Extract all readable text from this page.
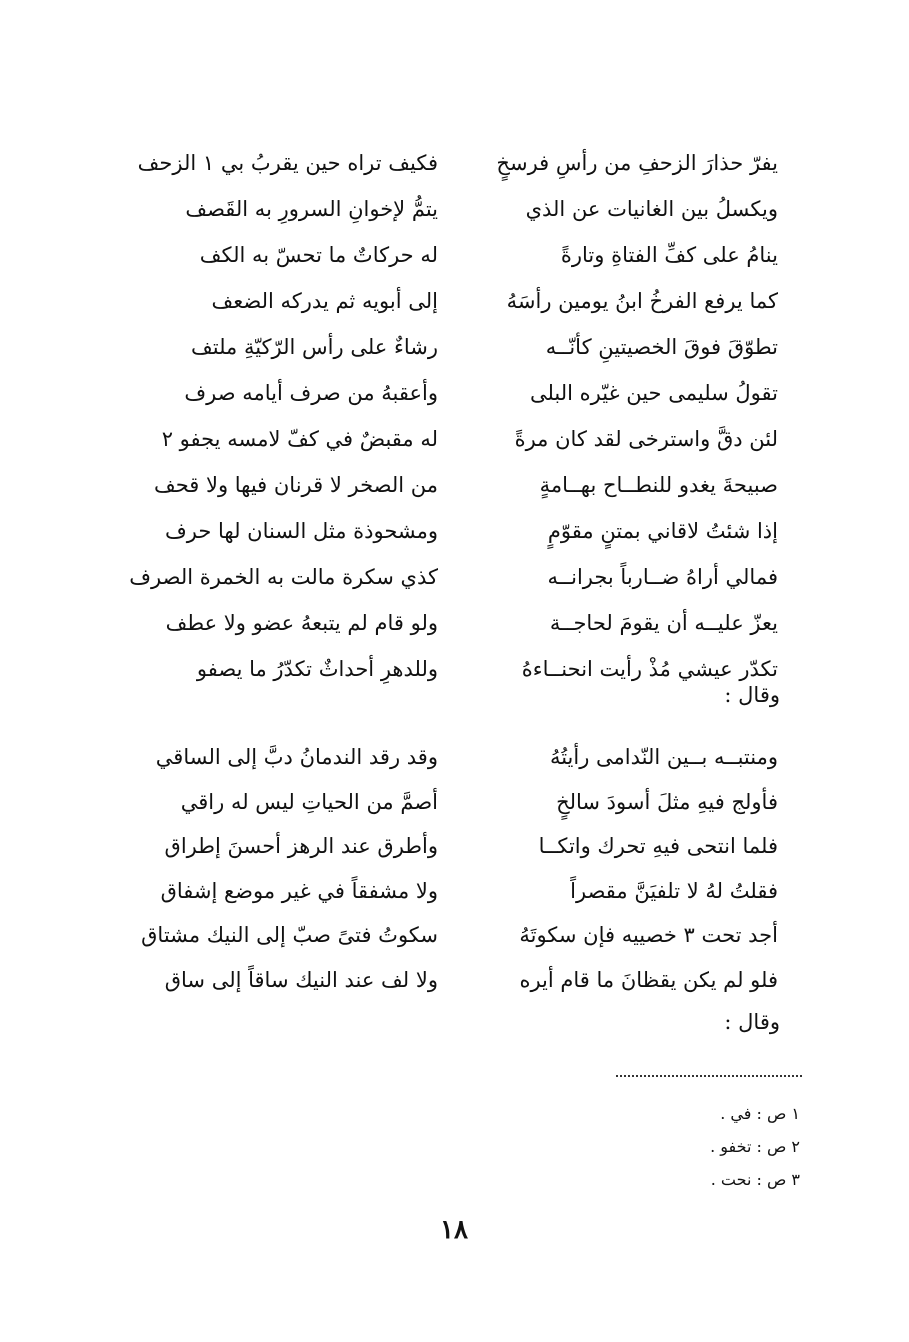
يفرّ حذارَ الزحفِ من رأسِ فرسخٍ
فكيف تراه حين يقربُ بي ١ الزحف
ويكسلُ بين الغانيات عن الذي
يتمُّ لإخوانِ السرورِ به القَصف
ينامُ على كفِّ الفتاةِ وتارةً
له حركاتٌ ما تحسّ به الكف
كما يرفع الفرخُ ابنُ يومين رأسَهُ
إلى أبويه ثم يدركه الضعف
تطوّقَ فوقَ الخصيتينِ كأنّــه
رشاءٌ على رأس الرّكيّةِ ملتف
تقولُ سليمى حين غيّره البلى
وأعقبهُ من صرف أيامه صرف
لئن دقَّ واسترخى لقد كان مرةً
له مقبضٌ في كفّ لامسه يجفو ٢
صبيحةَ يغدو للنطــاح بهــامةٍ
من الصخر لا قرنان فيها ولا قحف
إذا شئتُ لاقاني بمتنٍ مقوّمٍ
ومشحوذة مثل السنان لها حرف
فمالي أراهُ ضــارباً بجرانــه
كذي سكرة مالت به الخمرة الصرف
يعزّ عليــه أن يقومَ لحاجــة
ولو قام لم يتبعهُ عضو ولا عطف
تكدّر عيشي مُذْ رأيت انحنــاءهُ
وللدهرِ أحداثٌ تكدّرُ ما يصفو
وقال :
ومنتبــه بــين النّدامى رأيتُهُ
وقد رقد الندمانُ دبَّ إلى الساقي
فأولج فيهِ مثلَ أسودَ سالخٍ
أصمَّ من الحياتِ ليس له راقي
فلما انتحى فيهِ تحرك واتكــا
وأطرق عند الرهز أحسنَ إطراق
فقلتُ لهُ لا تلفيَنَّ مقصراً
ولا مشفقاً في غير موضع إشفاق
أجد تحت ٣ خصييه فإن سكوتَهُ
سكوتُ فتىً صبّ إلى النيك مشتاق
فلو لم يكن يقظانَ ما قام أيره
ولا لف عند النيك ساقاً إلى ساق
وقال :
١ ص : في .
٢ ص : تخفو .
٣ ص : نحت .
١٨
